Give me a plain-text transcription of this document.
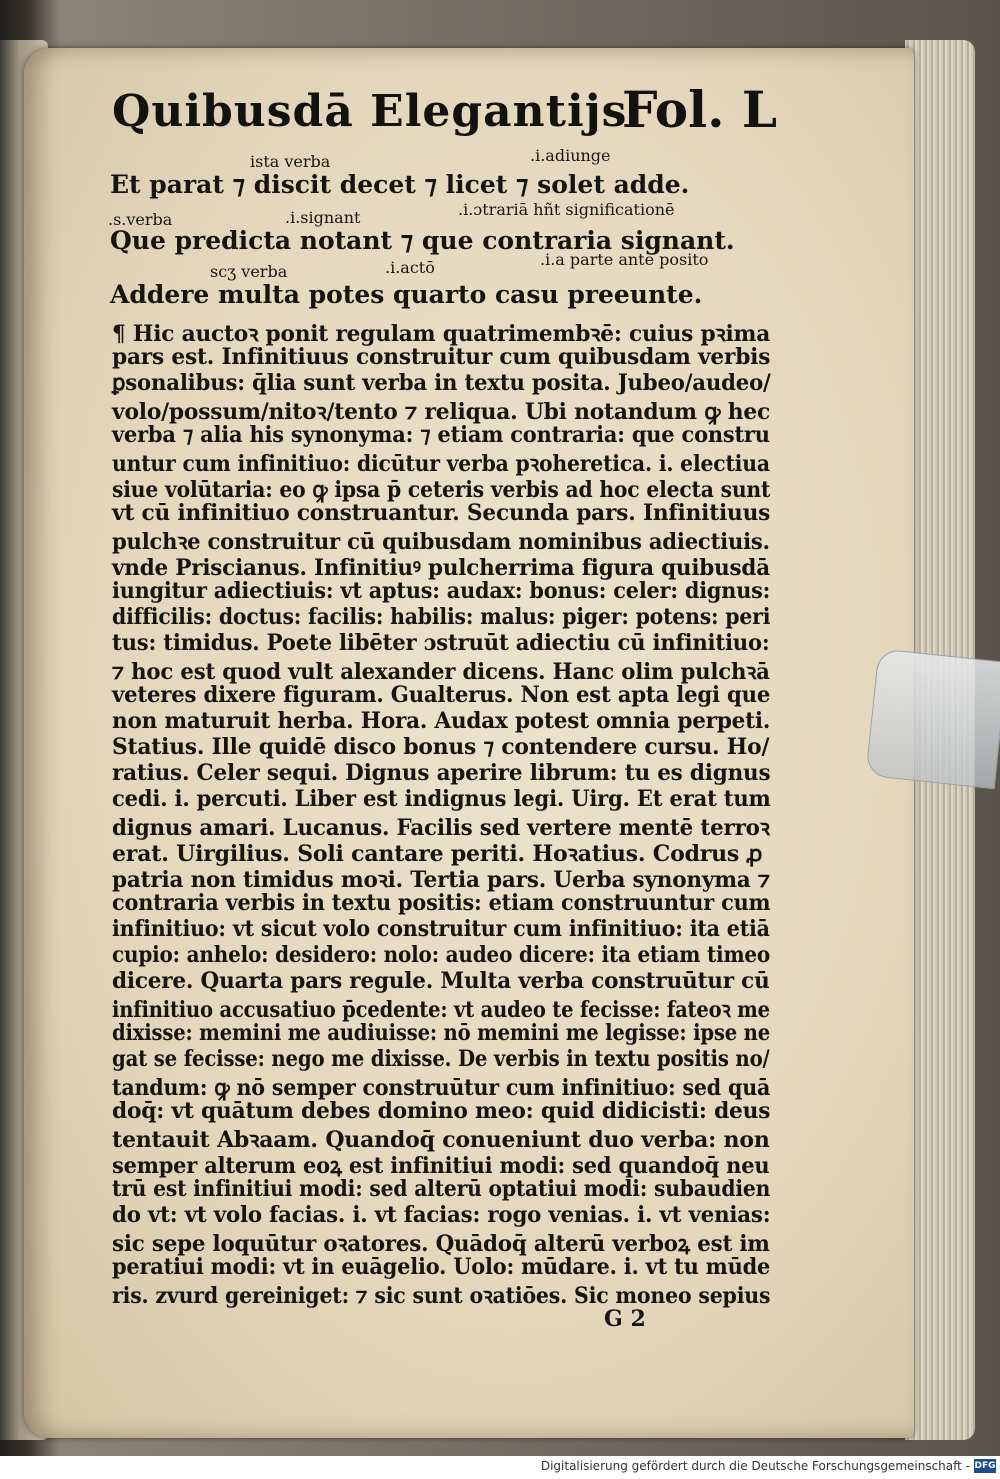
Quibusdā Elegantijs
Fol. L
ista verba	.i.adiunge
Et parat ⁊ discit decet ⁊ licet ⁊ solet adde.
.s.verba	.i.signant	.i.ɔtrariā hñt significationē
Que predicta notant ⁊ que contraria signant.
scʒ verba	.i.actō	.i.a parte ante posito
Addere multa potes quarto casu preeunte.
¶ Hic auctoꝛ ponit regulam quatrimembꝛē: cuius pꝛima
pars est. Infinitiuus construitur cum quibusdam verbis
ꝑsonalibus: q̄lia sunt verba in textu posita. Jubeo/audeo/
volo/possum/nitoꝛ/tento ⁊ reliqua. Ubi notandum ꝙ hec
verba ⁊ alia his synonyma: ⁊ etiam contraria: que constru
untur cum infinitiuo: dicūtur verba pꝛoheretica. i. electiua
siue volūtaria: eo ꝙ ipsa p̄ ceteris verbis ad hoc electa sunt
vt cū infinitiuo construantur. Secunda pars. Infinitiuus
pulchꝛe construitur cū quibusdam nominibus adiectiuis.
vnde Priscianus. Infinitiuꝰ pulcherrima figura quibusdā
iungitur adiectiuis: vt aptus: audax: bonus: celer: dignus:
difficilis: doctus: facilis: habilis: malus: piger: potens: peri
tus: timidus. Poete libēter ɔstruūt adiectiu cū infinitiuo:
⁊ hoc est quod vult alexander dicens. Hanc olim pulchꝛā
veteres dixere figuram. Gualterus. Non est apta legi que
non maturuit herba. Hora. Audax potest omnia perpeti.
Statius. Ille quidē disco bonus ⁊ contendere cursu. Ho/
ratius. Celer sequi. Dignus aperire librum: tu es dignus
cedi. i. percuti. Liber est indignus legi. Uirg. Et erat tum
dignus amari. Lucanus. Facilis sed vertere mentē terroꝛ
erat. Uirgilius. Soli cantare periti. Hoꝛatius. Codrus ꝓ
patria non timidus moꝛi. Tertia pars. Uerba synonyma ⁊
contraria verbis in textu positis: etiam construuntur cum
infinitiuo: vt sicut volo construitur cum infinitiuo: ita etiā
cupio: anhelo: desidero: nolo: audeo dicere: ita etiam timeo
dicere. Quarta pars regule. Multa verba construūtur cū
infinitiuo accusatiuo p̄cedente: vt audeo te fecisse: fateoꝛ me
dixisse: memini me audiuisse: nō memini me legisse: ipse ne
gat se fecisse: nego me dixisse. De verbis in textu positis no/
tandum: ꝙ nō semper construūtur cum infinitiuo: sed quā
doq̄: vt quātum debes domino meo: quid didicisti: deus
tentauit Abꝛaam. Quandoq̄ conueniunt duo verba: non
semper alterum eoꝝ est infinitiui modi: sed quandoq̄ neu
trū est infinitiui modi: sed alterū optatiui modi: subaudien
do vt: vt volo facias. i. vt facias: rogo venias. i. vt venias:
sic sepe loquūtur oꝛatores. Quādoq̄ alterū verboꝝ est im
peratiui modi: vt in euāgelio. Uolo: mūdare. i. vt tu mūde
ris. zvurd gereiniget: ⁊ sic sunt oꝛatiōes. Sic moneo sepius
G 2
Digitalisierung gefördert durch die Deutsche Forschungsgemeinschaft - DFG
